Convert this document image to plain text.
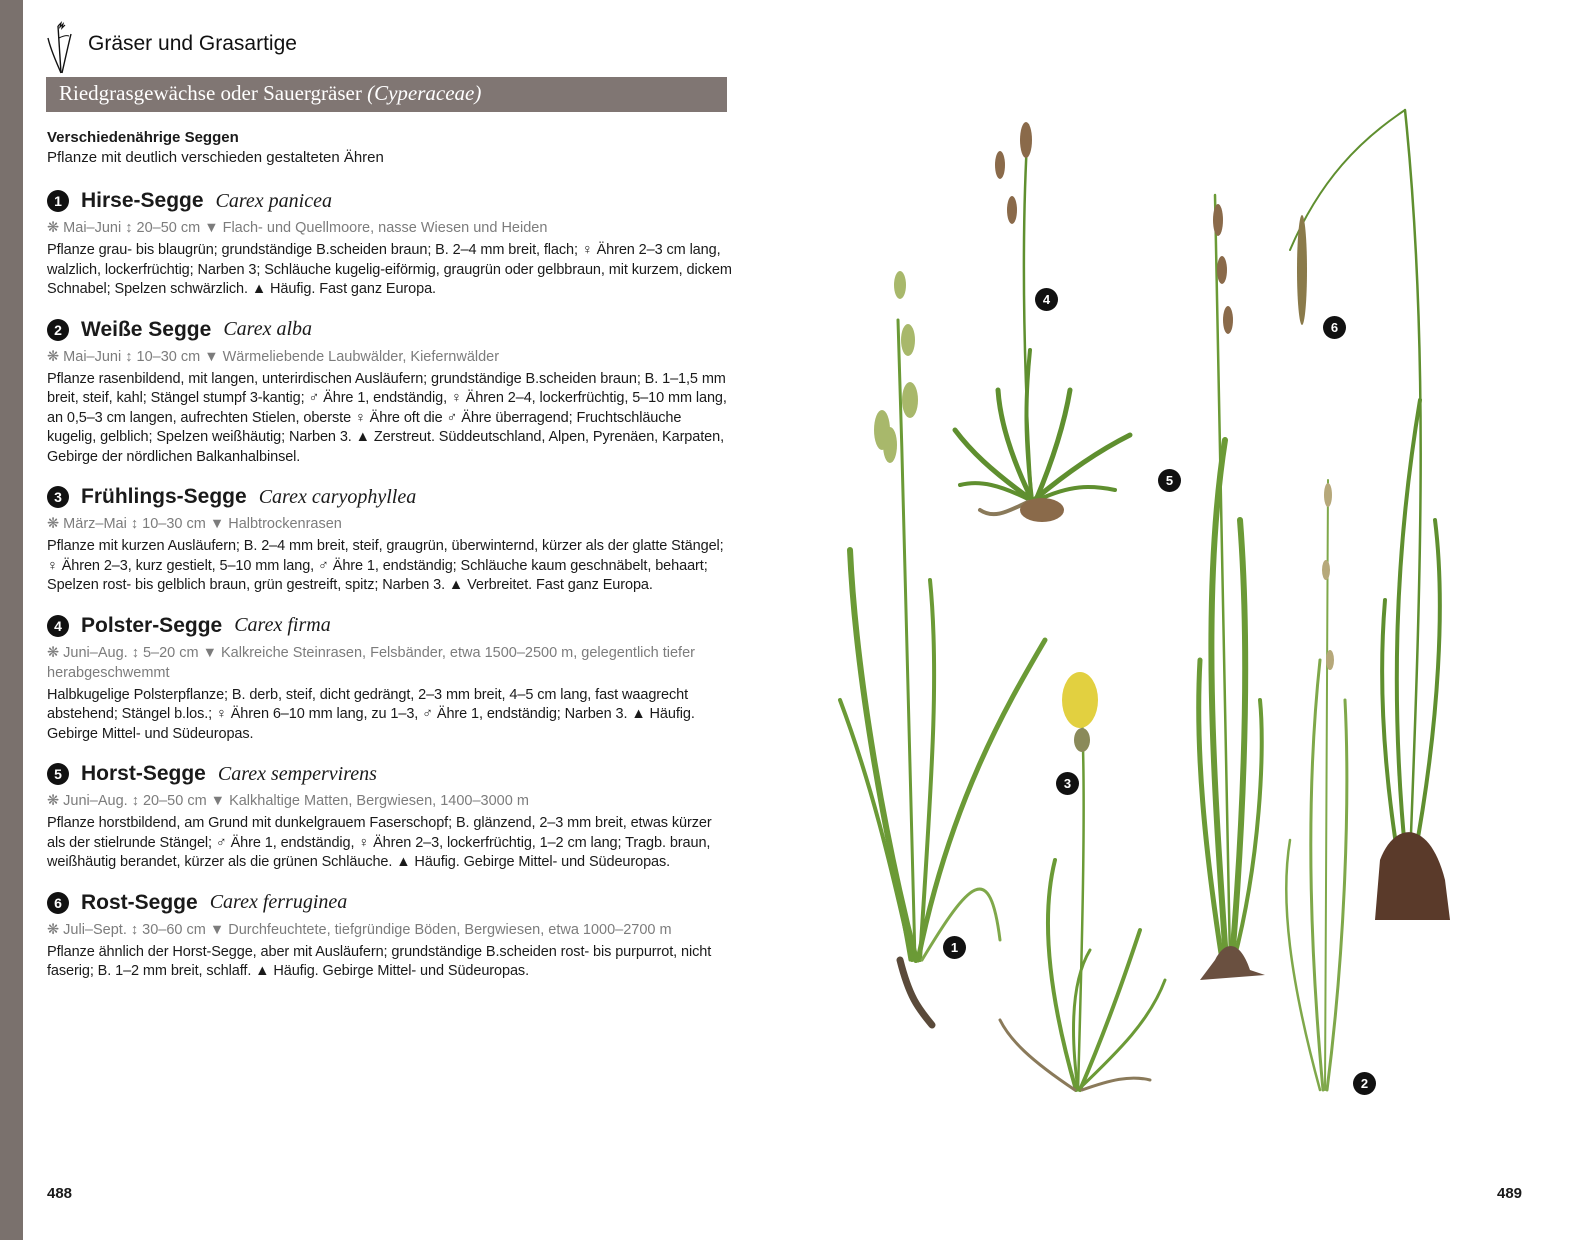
Gräser und Grasartige
Riedgrasgewächse oder Sauergräser (Cyperaceae)
Verschiedenährige Seggen
Pflanze mit deutlich verschieden gestalteten Ähren
1 Hirse-Segge Carex panicea
❋ Mai–Juni ↕ 20–50 cm ▼ Flach- und Quellmoore, nasse Wiesen und Heiden
Pflanze grau- bis blaugrün; grundständige B.scheiden braun; B. 2–4 mm breit, flach; ♀ Ähren 2–3 cm lang, walzlich, lockerfrüchtig; Narben 3; Schläuche kugelig-eiförmig, graugrün oder gelbbraun, mit kurzem, dickem Schnabel; Spelzen schwärzlich. ▲ Häufig. Fast ganz Europa.
2 Weiße Segge Carex alba
❋ Mai–Juni ↕ 10–30 cm ▼ Wärmeliebende Laubwälder, Kiefernwälder
Pflanze rasenbildend, mit langen, unterirdischen Ausläufern; grundständige B.scheiden braun; B. 1–1,5 mm breit, steif, kahl; Stängel stumpf 3-kantig; ♂ Ähre 1, endständig, ♀ Ähren 2–4, lockerfrüchtig, 5–10 mm lang, an 0,5–3 cm langen, aufrechten Stielen, oberste ♀ Ähre oft die ♂ Ähre überragend; Fruchtschläuche kugelig, gelblich; Spelzen weißhäutig; Narben 3. ▲ Zerstreut. Süddeutschland, Alpen, Pyrenäen, Karpaten, Gebirge der nördlichen Balkanhalbinsel.
3 Frühlings-Segge Carex caryophyllea
❋ März–Mai ↕ 10–30 cm ▼ Halbtrockenrasen
Pflanze mit kurzen Ausläufern; B. 2–4 mm breit, steif, graugrün, überwinternd, kürzer als der glatte Stängel; ♀ Ähren 2–3, kurz gestielt, 5–10 mm lang, ♂ Ähre 1, endständig; Schläuche kaum geschnäbelt, behaart; Spelzen rost- bis gelblich braun, grün gestreift, spitz; Narben 3. ▲ Verbreitet. Fast ganz Europa.
4 Polster-Segge Carex firma
❋ Juni–Aug. ↕ 5–20 cm ▼ Kalkreiche Steinrasen, Felsbänder, etwa 1500–2500 m, gelegentlich tiefer herabgeschwemmt
Halbkugelige Polsterpflanze; B. derb, steif, dicht gedrängt, 2–3 mm breit, 4–5 cm lang, fast waagrecht abstehend; Stängel b.los.; ♀ Ähren 6–10 mm lang, zu 1–3, ♂ Ähre 1, endständig; Narben 3. ▲ Häufig. Gebirge Mittel- und Südeuropas.
5 Horst-Segge Carex sempervirens
❋ Juni–Aug. ↕ 20–50 cm ▼ Kalkhaltige Matten, Bergwiesen, 1400–3000 m
Pflanze horstbildend, am Grund mit dunkelgrauem Faserschopf; B. glänzend, 2–3 mm breit, etwas kürzer als der stielrunde Stängel; ♂ Ähre 1, endständig, ♀ Ähren 2–3, lockerfrüchtig, 1–2 cm lang; Tragb. braun, weißhäutig berandet, kürzer als die grünen Schläuche. ▲ Häufig. Gebirge Mittel- und Südeuropas.
6 Rost-Segge Carex ferruginea
❋ Juli–Sept. ↕ 30–60 cm ▼ Durchfeuchtete, tiefgründige Böden, Bergwiesen, etwa 1000–2700 m
Pflanze ähnlich der Horst-Segge, aber mit Ausläufern; grundständige B.scheiden rost- bis purpurrot, nicht faserig; B. 1–2 mm breit, schlaff. ▲ Häufig. Gebirge Mittel- und Südeuropas.
1
4
3
5
6
2
488	489
